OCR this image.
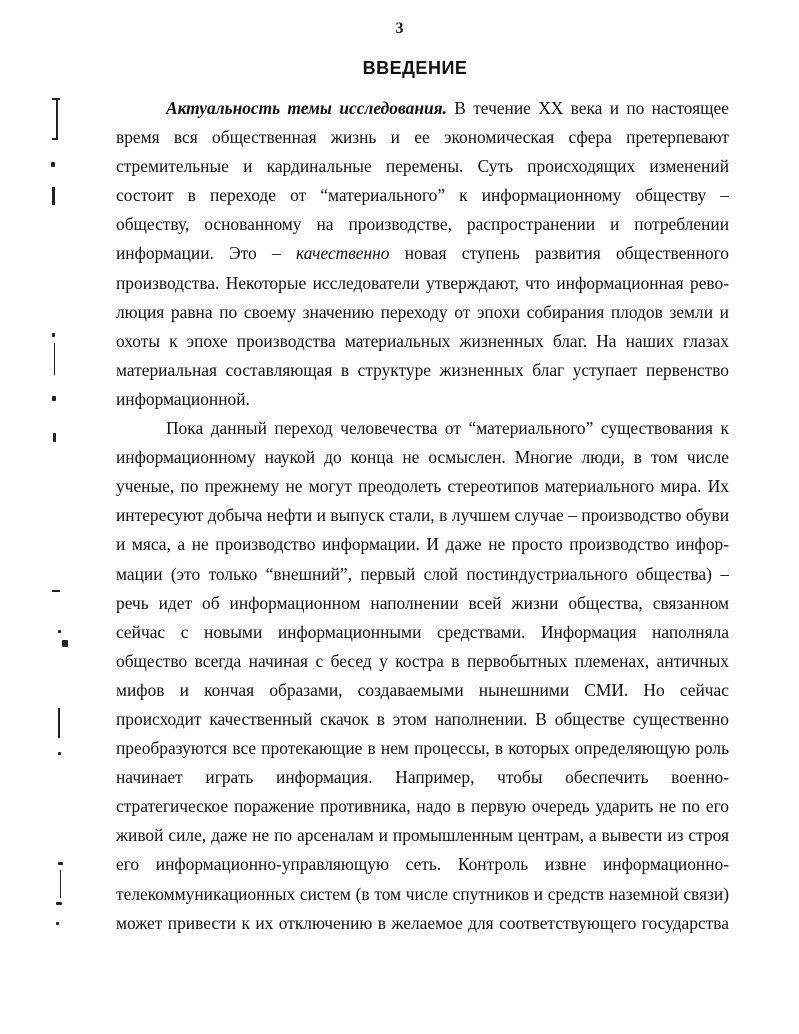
3
ВВЕДЕНИЕ
Актуальность темы исследования. В течение XX века и по настоящее
время вся общественная жизнь и ее экономическая сфера претерпевают
стремительные и кардинальные перемены. Суть происходящих изменений
состоит в переходе от “материального” к информационному обществу –
обществу, основанному на производстве, распространении и потреблении
информации. Это – качественно новая ступень развития общественного
производства. Некоторые исследователи утверждают, что информационная рево-
люция равна по своему значению переходу от эпохи собирания плодов земли и
охоты к эпохе производства материальных жизненных благ. На наших глазах
материальная составляющая в структуре жизненных благ уступает первенство
информационной.
Пока данный переход человечества от “материального” существования к
информационному наукой до конца не осмыслен. Многие люди, в том числе
ученые, по прежнему не могут преодолеть стереотипов материального мира. Их
интересуют добыча нефти и выпуск стали, в лучшем случае – производство обуви
и мяса, а не производство информации. И даже не просто производство инфор-
мации (это только “внешний”, первый слой постиндустриального общества) –
речь идет об информационном наполнении всей жизни общества, связанном
сейчас с новыми информационными средствами. Информация наполняла
общество всегда начиная с бесед у костра в первобытных племенах, античных
мифов и кончая образами, создаваемыми нынешними СМИ. Но сейчас
происходит качественный скачок в этом наполнении. В обществе существенно
преобразуются все протекающие в нем процессы, в которых определяющую роль
начинает играть информация. Например, чтобы обеспечить военно-
стратегическое поражение противника, надо в первую очередь ударить не по его
живой силе, даже не по арсеналам и промышленным центрам, а вывести из строя
его информационно-управляющую сеть. Контроль извне информационно-
телекоммуникационных систем (в том числе спутников и средств наземной связи)
может привести к их отключению в желаемое для соответствующего государства
